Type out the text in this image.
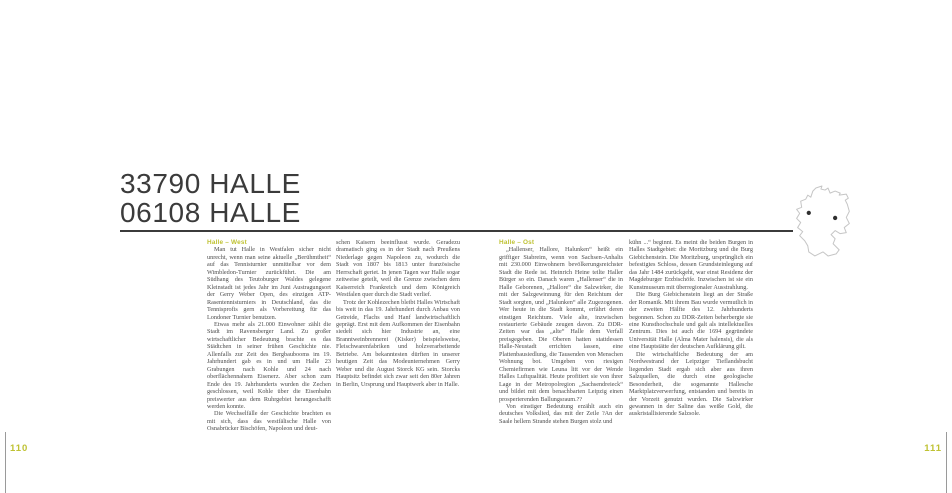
33790 HALLE
06108 HALLE
Halle – West

Man tut Halle in Westfalen sicher nicht unrecht, wenn man seine aktuelle „Berühmtheit“ auf das Tennisturnier unmittelbar vor dem Wimbledon-Turnier zurückführt. Die am Südhang des Teutoburger Waldes gelegene Kleinstadt ist jedes Jahr im Juni Austragungsort der Gerry Weber Open, des einzigen ATP-Rasentennisturniers in Deutschland, das die Tennisprofis gern als Vorbereitung für das Londoner Turnier benutzen.

Etwas mehr als 21.000 Einwohner zählt die Stadt im Ravensberger Land. Zu großer wirtschaftlicher Bedeutung brachte es das Städtchen in seiner frühen Geschichte nie. Allenfalls zur Zeit des Bergbaubooms im 19. Jahrhundert gab es in und um Halle 23 Grabungen nach Kohle und 24 nach oberflächennahem Eisenerz. Aber schon zum Ende des 19. Jahrhunderts wurden die Zechen geschlossen, weil Kohle über die Eisenbahn preiswerter aus dem Ruhrgebiet herangeschafft werden konnte.

Die Wechselfälle der Geschichte brachten es mit sich, dass das westfälische Halle von Osnabrücker Bischöfen, Napoleon und deut-

schen Kaisern beeinflusst wurde. Geradezu dramatisch ging es in der Stadt nach Preußens Niederlage gegen Napoleon zu, wodurch die Stadt von 1807 bis 1813 unter französische Herrschaft geriet. In jenen Tagen war Halle sogar zeitweise geteilt, weil die Grenze zwischen dem Kaiserreich Frankreich und dem Königreich Westfalen quer durch die Stadt verlief.

Trotz der Kohlezechen bleibt Halles Wirtschaft bis weit in das 19. Jahrhundert durch Anbau von Getreide, Flachs und Hanf landwirtschaftlich geprägt. Erst mit dem Aufkommen der Eisenbahn siedelt sich hier Industrie an, eine Branntweinbrennerei (Kisker) beispielsweise, Fleischwarenfabriken und holzverarbeitende Betriebe. Am bekanntesten dürften in unserer heutigen Zeit das Modeunternehmen Gerry Weber und die August Storck KG sein. Storcks Hauptsitz befindet sich zwar seit den 80er Jahren in Berlin, Ursprung und Hauptwerk aber in Halle.

Halle – Ost

„Hallenser, Hallore, Halunken“ heißt ein griffiger Stabreim, wenn von Sachsen-Anhalts mit 230.000 Einwohnern bevölkerungsreichster Stadt die Rede ist. Heinrich Heine teilte Haller Bürger so ein. Danach waren „Hallenser“ die in Halle Geborenen, „Hallore“ die Salzwirker, die mit der Salzgewinnung für den Reichtum der Stadt sorgten, und „Halunken“ alle Zugezogenen. Wer heute in die Stadt kommt, erfährt deren einstigen Reichtum. Viele alte, inzwischen restaurierte Gebäude zeugen davon. Zu DDR-Zeiten war das „alte“ Halle dem Verfall preisgegeben. Die Oberen hatten stattdessen Halle-Neustadt errichten lassen, eine Plattenbausiedlung, die Tausenden von Menschen Wohnung bot. Umgeben von riesigen Chemiefirmen wie Leuna litt vor der Wende Halles Luftqualität. Heute profitiert sie von ihrer Lage in der Metropolregion „Sachsendreieck“ und bildet mit dem benachbarten Leipzig einen prosperierenden Ballungsraum.??

Von einstiger Bedeutung erzählt auch ein deutsches Volkslied, das mit der Zeile ?An der Saale hellem Strande stehen Burgen stolz und

kühn ...“ beginnt. Es meint die beiden Burgen in Halles Stadtgebiet: die Moritzburg und die Burg Giebichenstein. Die Moritzburg, ursprünglich ein befestigtes Schloss, dessen Grundsteinlegung auf das Jahr 1484 zurückgeht, war einst Residenz der Magdeburger Erzbischöfe. Inzwischen ist sie ein Kunstmuseum mit überregionaler Ausstrahlung.

Die Burg Giebichenstein liegt an der Straße der Romanik. Mit ihrem Bau wurde vermutlich in der zweiten Hälfte des 12. Jahrhunderts begonnen. Schon zu DDR-Zeiten beherbergte sie eine Kunsthochschule und galt als intellektuelles Zentrum. Dies ist auch die 1694 gegründete Universität Halle (Alma Mater halensis), die als eine Hauptstätte der deutschen Aufklärung gilt.

Die wirtschaftliche Bedeutung der am Nordwestrand der Leipziger Tieflandsbucht liegenden Stadt ergab sich aber aus ihren Salzquellen, die durch eine geologische Besonderheit, die sogenannte Hallesche Marktplatzverwerfung, entstanden und bereits in der Vorzeit genutzt wurden. Die Salzwirker gewannen in der Saline das weiße Gold, die auskristallisierende Salzsole.

110	111
